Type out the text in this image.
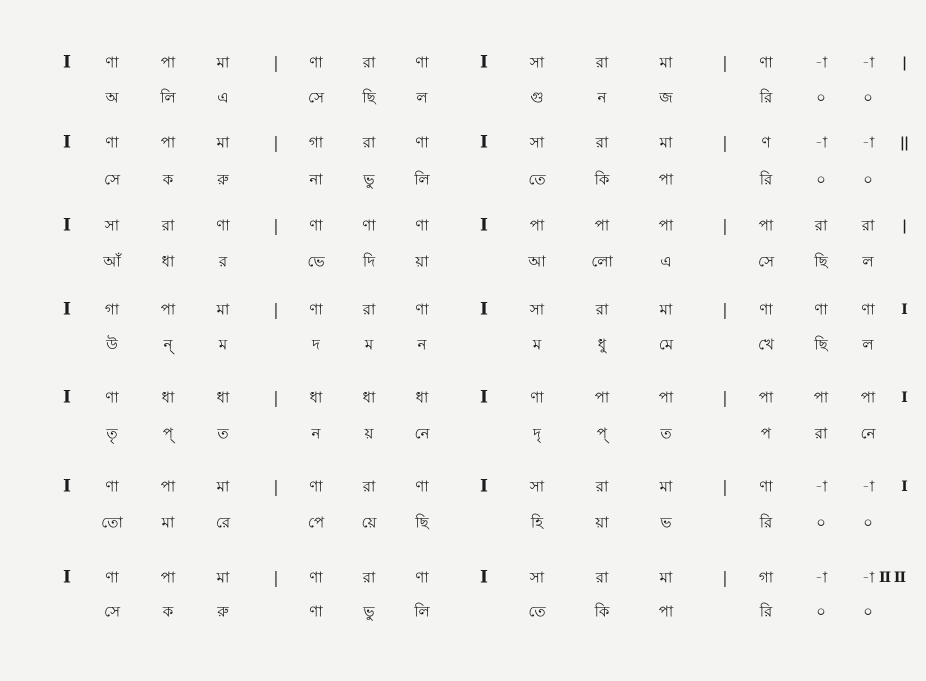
I ণা	পা	মা	| ণা	রা	ণা	I	সা	রা	মা	| ণা	-া -া |
অ	লি	এ	সে	ছি	ল	গু	ন	জ	রি	০ ০
I ণা	পা	মা	| গা	রা	ণা	I	সা	রা	মা	| ণ	-া -া ||
সে	ক	রু	না	ভু	লি	তে	কি	পা	রি	০ ০
I সা	রা	ণা	| ণা	ণা	ণা	I	পা	পা	পা	| পা	রা রা |
আঁ	ধা	র	ভে	দি	য়া	আ	লো	এ	সে	ছি ল
I গা	পা	মা	| ণা	রা	ণা	I	সা	রা	মা	| ণা	ণা ণা I
উ	ন্	ম	দ	ম	ন	ম	ধু	মে	খে	ছি ল
I ণা	ধা	ধা	| ধা	ধা	ধা	I	ণা	পা	পা	| পা	পা পা I
তৃ	প্	ত	ন	য়	নে	দৃ	প্	ত	প	রা নে
I ণা	পা	মা	| ণা	রা	ণা	I	সা	রা	মা	| ণা	-া -া I
তো	মা	রে	পে য়ে	ছি	হি	য়া	ভ	রি	০ ০
I ণা	পা	মা	| ণা	রা	ণা	I	সা	রা	মা	| গা	-া -া II II
সে	ক	রু	ণা	ভু	লি	তে	কি	পা	রি	০ ০
